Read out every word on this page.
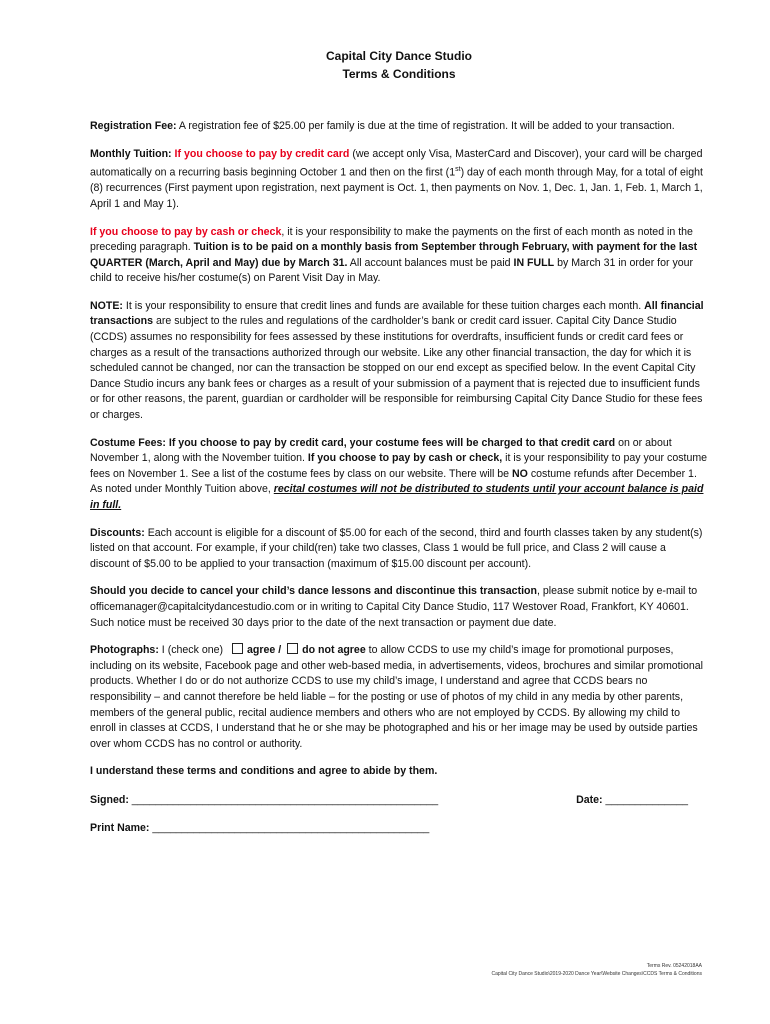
Capital City Dance Studio
Terms & Conditions

Registration Fee: A registration fee of $25.00 per family is due at the time of registration. It will be added to your transaction.

Monthly Tuition: If you choose to pay by credit card (we accept only Visa, MasterCard and Discover), your card will be charged automatically on a recurring basis beginning October 1 and then on the first (1st) day of each month through May, for a total of eight (8) recurrences (First payment upon registration, next payment is Oct. 1, then payments on Nov. 1, Dec. 1, Jan. 1, Feb. 1, March 1, April 1 and May 1).

If you choose to pay by cash or check, it is your responsibility to make the payments on the first of each month as noted in the preceding paragraph. Tuition is to be paid on a monthly basis from September through February, with payment for the last QUARTER (March, April and May) due by March 31. All account balances must be paid IN FULL by March 31 in order for your child to receive his/her costume(s) on Parent Visit Day in May.

NOTE: It is your responsibility to ensure that credit lines and funds are available for these tuition charges each month. All financial transactions are subject to the rules and regulations of the cardholder’s bank or credit card issuer. Capital City Dance Studio (CCDS) assumes no responsibility for fees assessed by these institutions for overdrafts, insufficient funds or credit card fees or charges as a result of the transactions authorized through our website. Like any other financial transaction, the day for which it is scheduled cannot be changed, nor can the transaction be stopped on our end except as specified below. In the event Capital City Dance Studio incurs any bank fees or charges as a result of your submission of a payment that is rejected due to insufficient funds or for other reasons, the parent, guardian or cardholder will be responsible for reimbursing Capital City Dance Studio for these fees or charges.

Costume Fees: If you choose to pay by credit card, your costume fees will be charged to that credit card on or about November 1, along with the November tuition. If you choose to pay by cash or check, it is your responsibility to pay your costume fees on November 1. See a list of the costume fees by class on our website. There will be NO costume refunds after December 1. As noted under Monthly Tuition above, recital costumes will not be distributed to students until your account balance is paid in full.

Discounts: Each account is eligible for a discount of $5.00 for each of the second, third and fourth classes taken by any student(s) listed on that account. For example, if your child(ren) take two classes, Class 1 would be full price, and Class 2 will cause a discount of $5.00 to be applied to your transaction (maximum of $15.00 discount per account).

Should you decide to cancel your child’s dance lessons and discontinue this transaction, please submit notice by e-mail to officemanager@capitalcitydancestudio.com or in writing to Capital City Dance Studio, 117 Westover Road, Frankfort, KY 40601. Such notice must be received 30 days prior to the date of the next transaction or payment due date.

Photographs: I (check one) agree / do not agree to allow CCDS to use my child’s image for promotional purposes, including on its website, Facebook page and other web-based media, in advertisements, videos, brochures and similar promotional products. Whether I do or do not authorize CCDS to use my child’s image, I understand and agree that CCDS bears no responsibility – and cannot therefore be held liable – for the posting or use of photos of my child in any media by other parents, members of the general public, recital audience members and others who are not employed by CCDS. By allowing my child to enroll in classes at CCDS, I understand that he or she may be photographed and his or her image may be used by outside parties over whom CCDS has no control or authority.

I understand these terms and conditions and agree to abide by them.

Signed: ____________________________________________________	Date: ______________
Print Name: _______________________________________________
Terms Rev. 05242018AA
Capital City Dance Studio\2019-2020 Dance Year\Website Changes\CCDS Terms & Conditions
